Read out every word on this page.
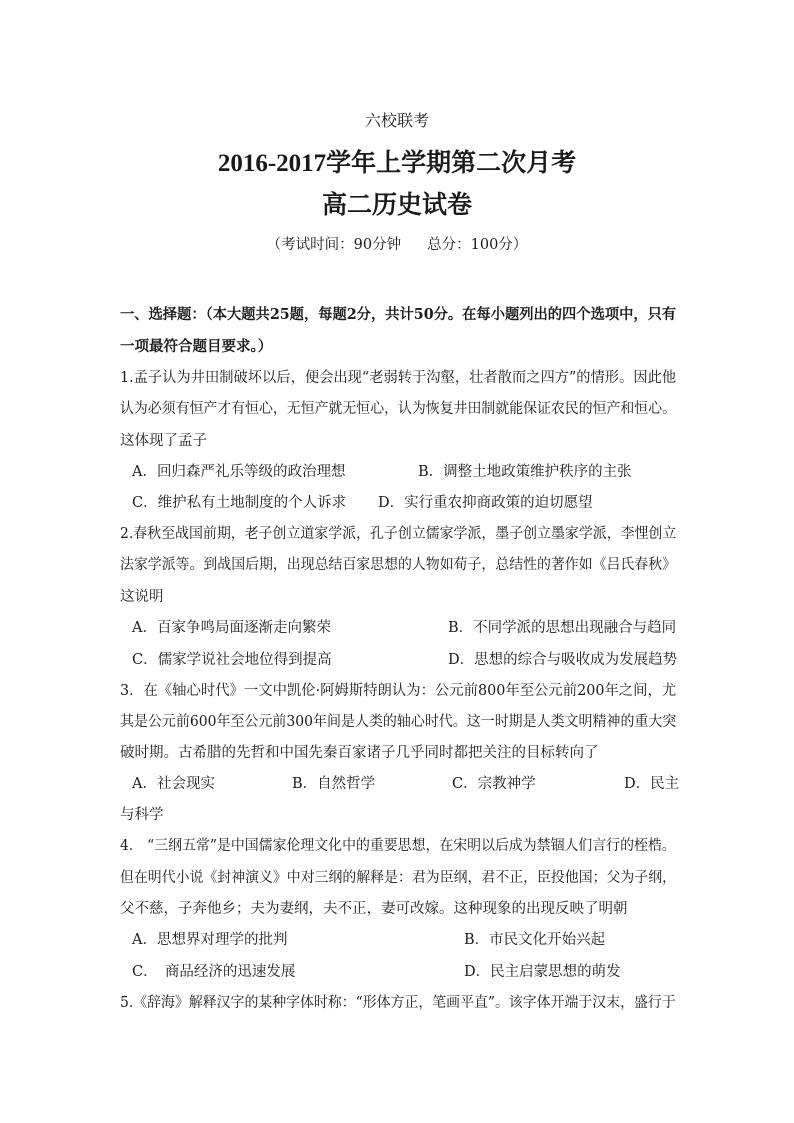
六校联考
2016-2017学年上学期第二次月考
高二历史试卷
（考试时间：90分钟 总分：100分）
一、选择题：（本大题共25题，每题2分，共计50分。在每小题列出的四个选项中，只有
一项最符合题目要求。）
1.孟子认为井田制破坏以后，便会出现“老弱转于沟壑，壮者散而之四方”的情形。因此他
认为必须有恒产才有恒心，无恒产就无恒心，认为恢复井田制就能保证农民的恒产和恒心。
这体现了孟子
A．回归森严礼乐等级的政治理想	B．调整土地政策维护秩序的主张
C．维护私有土地制度的个人诉求 D．实行重农抑商政策的迫切愿望
2.春秋至战国前期，老子创立道家学派，孔子创立儒家学派，墨子创立墨家学派，李悝创立
法家学派等。到战国后期，出现总结百家思想的人物如荀子，总结性的著作如《吕氏春秋》
这说明
A．百家争鸣局面逐渐走向繁荣	B．不同学派的思想出现融合与趋同
C．儒家学说社会地位得到提高	D．思想的综合与吸收成为发展趋势
3．在《轴心时代》一文中凯伦·阿姆斯特朗认为：公元前800年至公元前200年之间，尤
其是公元前600年至公元前300年间是人类的轴心时代。这一时期是人类文明精神的重大突
破时期。古希腊的先哲和中国先秦百家诸子几乎同时都把关注的目标转向了
A．社会现实	B．自然哲学	C．宗教神学	D．民主
与科学
4． “三纲五常”是中国儒家伦理文化中的重要思想，在宋明以后成为禁锢人们言行的桎梏。
但在明代小说《封神演义》中对三纲的解释是：君为臣纲，君不正，臣投他国；父为子纲，
父不慈，子奔他乡；夫为妻纲，夫不正，妻可改嫁。这种现象的出现反映了明朝
A．思想界对理学的批判	B．市民文化开始兴起
C．　商品经济的迅速发展	D．民主启蒙思想的萌发
5.《辞海》解释汉字的某种字体时称：“形体方正，笔画平直”。该字体开端于汉末，盛行于
